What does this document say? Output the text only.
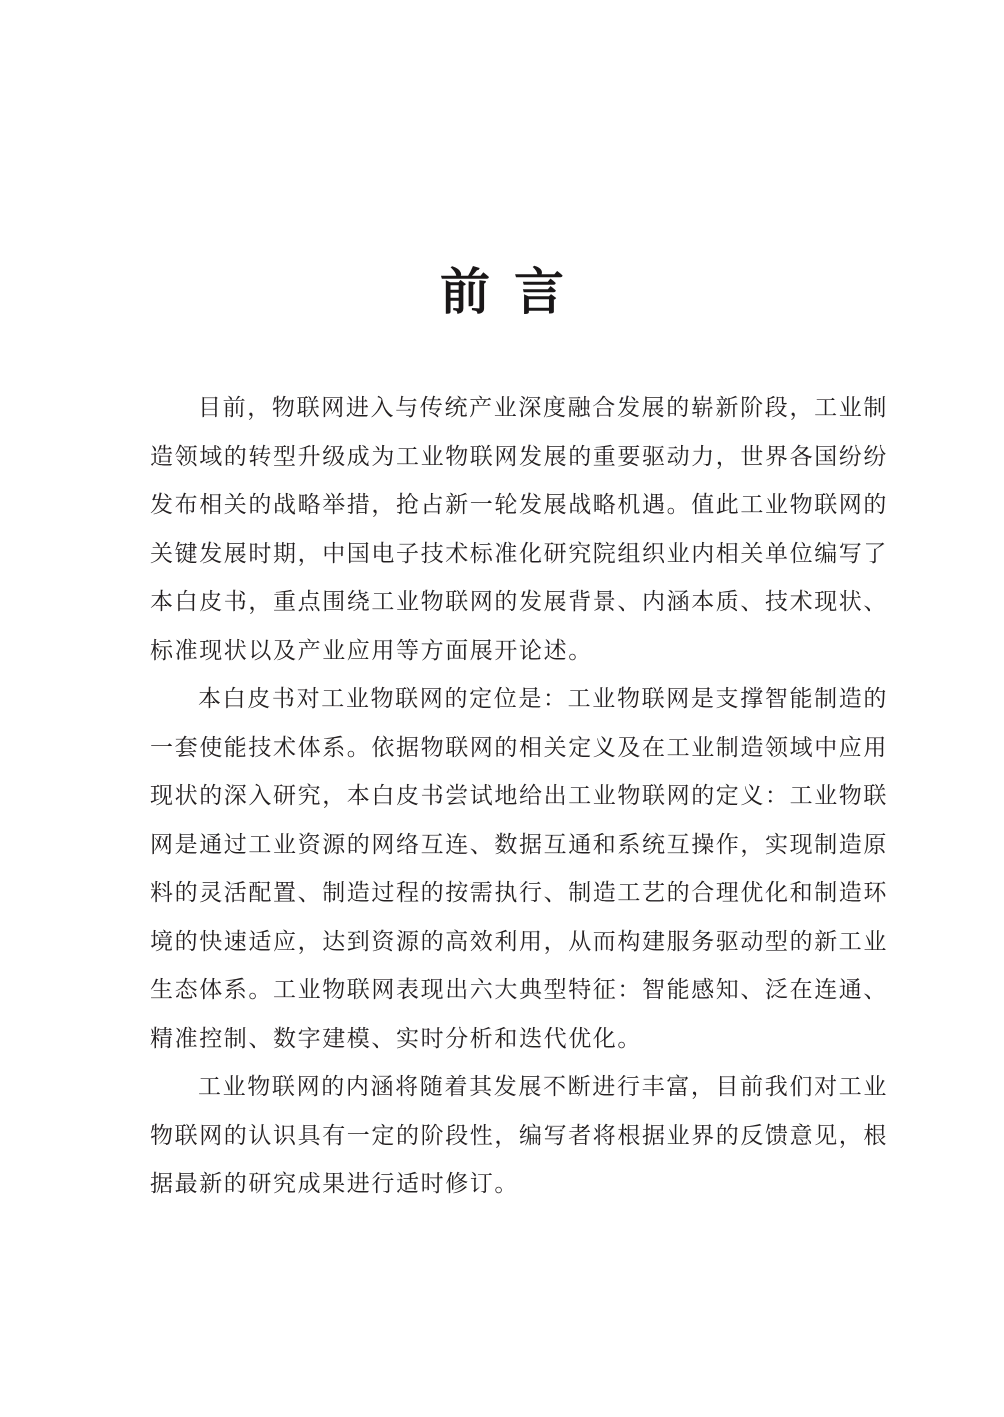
前 言

目前，物联网进入与传统产业深度融合发展的崭新阶段，工业制造领域的转型升级成为工业物联网发展的重要驱动力，世界各国纷纷发布相关的战略举措，抢占新一轮发展战略机遇。值此工业物联网的关键发展时期，中国电子技术标准化研究院组织业内相关单位编写了本白皮书，重点围绕工业物联网的发展背景、内涵本质、技术现状、标准现状以及产业应用等方面展开论述。

本白皮书对工业物联网的定位是：工业物联网是支撑智能制造的一套使能技术体系。依据物联网的相关定义及在工业制造领域中应用现状的深入研究，本白皮书尝试地给出工业物联网的定义：工业物联网是通过工业资源的网络互连、数据互通和系统互操作，实现制造原料的灵活配置、制造过程的按需执行、制造工艺的合理优化和制造环境的快速适应，达到资源的高效利用，从而构建服务驱动型的新工业生态体系。工业物联网表现出六大典型特征：智能感知、泛在连通、精准控制、数字建模、实时分析和迭代优化。

工业物联网的内涵将随着其发展不断进行丰富，目前我们对工业物联网的认识具有一定的阶段性，编写者将根据业界的反馈意见，根据最新的研究成果进行适时修订。
